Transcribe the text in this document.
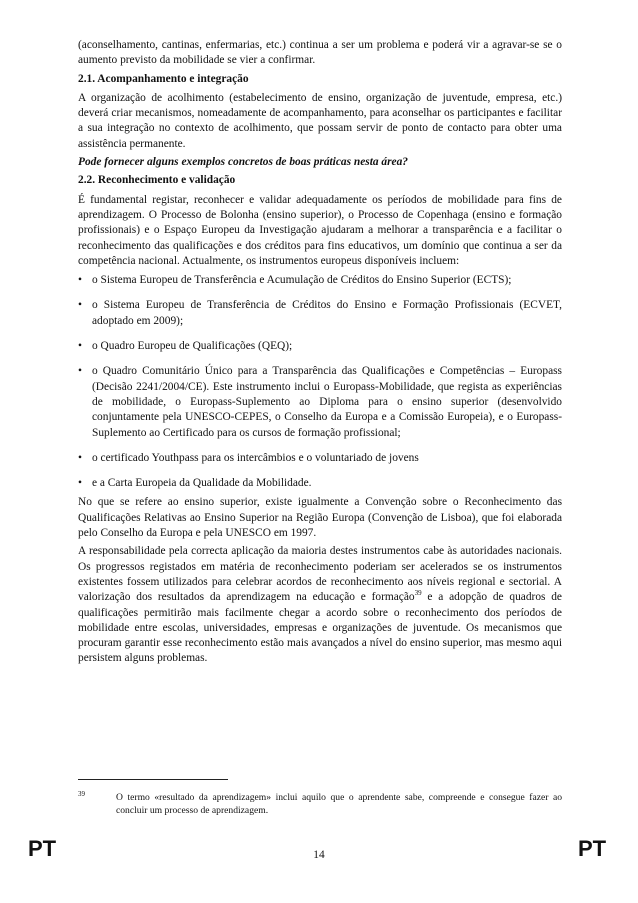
(aconselhamento, cantinas, enfermarias, etc.) continua a ser um problema e poderá vir a agravar-se se o aumento previsto da mobilidade se vier a confirmar.

2.1. Acompanhamento e integração

A organização de acolhimento (estabelecimento de ensino, organização de juventude, empresa, etc.) deverá criar mecanismos, nomeadamente de acompanhamento, para aconselhar os participantes e facilitar a sua integração no contexto de acolhimento, que possam servir de ponto de contacto para obter uma assistência permanente.

Pode fornecer alguns exemplos concretos de boas práticas nesta área?

2.2. Reconhecimento e validação

É fundamental registar, reconhecer e validar adequadamente os períodos de mobilidade para fins de aprendizagem. O Processo de Bolonha (ensino superior), o Processo de Copenhaga (ensino e formação profissionais) e o Espaço Europeu da Investigação ajudaram a melhorar a transparência e a facilitar o reconhecimento das qualificações e dos créditos para fins educativos, um domínio que continua a ser da competência nacional. Actualmente, os instrumentos europeus disponíveis incluem:

• o Sistema Europeu de Transferência e Acumulação de Créditos do Ensino Superior (ECTS);
• o Sistema Europeu de Transferência de Créditos do Ensino e Formação Profissionais (ECVET, adoptado em 2009);
• o Quadro Europeu de Qualificações (QEQ);
• o Quadro Comunitário Único para a Transparência das Qualificações e Competências – Europass (Decisão 2241/2004/CE). Este instrumento inclui o Europass-Mobilidade, que regista as experiências de mobilidade, o Europass-Suplemento ao Diploma para o ensino superior (desenvolvido conjuntamente pela UNESCO-CEPES, o Conselho da Europa e a Comissão Europeia), e o Europass-Suplemento ao Certificado para os cursos de formação profissional;
• o certificado Youthpass para os intercâmbios e o voluntariado de jovens
• e a Carta Europeia da Qualidade da Mobilidade.

No que se refere ao ensino superior, existe igualmente a Convenção sobre o Reconhecimento das Qualificações Relativas ao Ensino Superior na Região Europa (Convenção de Lisboa), que foi elaborada pelo Conselho da Europa e pela UNESCO em 1997.

A responsabilidade pela correcta aplicação da maioria destes instrumentos cabe às autoridades nacionais. Os progressos registados em matéria de reconhecimento poderiam ser acelerados se os instrumentos existentes fossem utilizados para celebrar acordos de reconhecimento aos níveis regional e sectorial. A valorização dos resultados da aprendizagem na educação e formação$^{39}$ e a adopção de quadros de qualificações permitirão mais facilmente chegar a acordo sobre o reconhecimento dos períodos de mobilidade entre escolas, universidades, empresas e organizações de juventude. Os mecanismos que procuram garantir esse reconhecimento estão mais avançados a nível do ensino superior, mas mesmo aqui persistem alguns problemas.

39	O termo «resultado da aprendizagem» inclui aquilo que o aprendente sabe, compreende e consegue fazer ao concluir um processo de aprendizagem.
PT	14	PT
